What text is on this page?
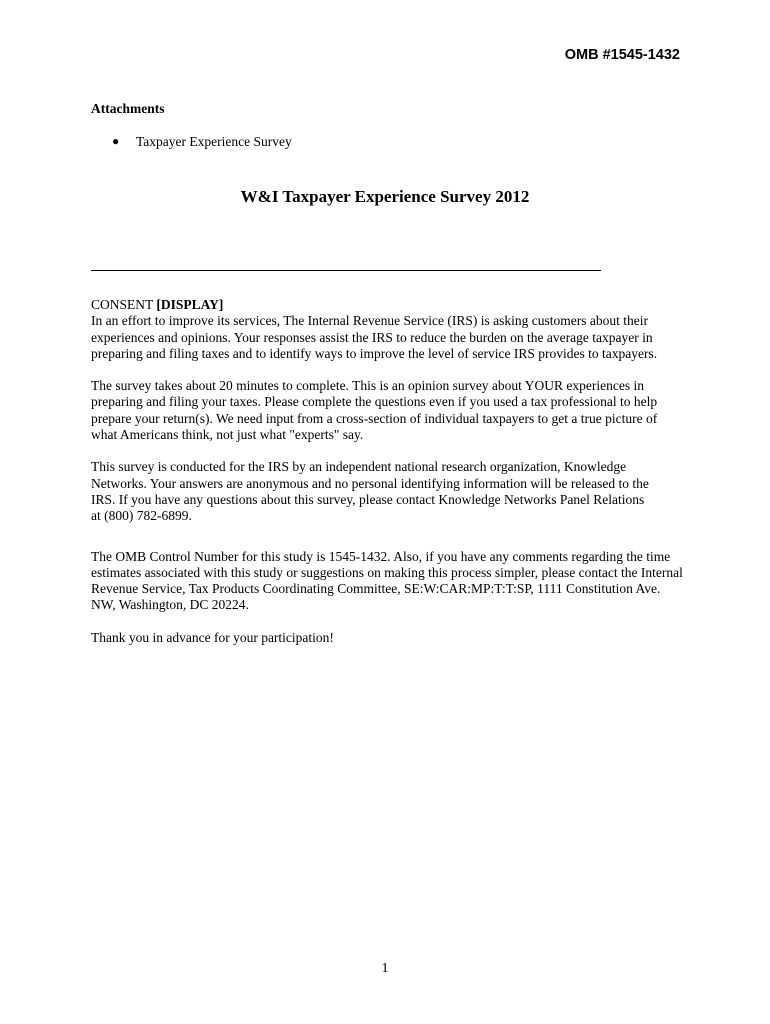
OMB #1545-1432
Attachments
●	Taxpayer Experience Survey
W&I Taxpayer Experience Survey 2012
CONSENT [DISPLAY]

In an effort to improve its services, The Internal Revenue Service (IRS) is asking customers about their
experiences and opinions. Your responses assist the IRS to reduce the burden on the average taxpayer in
preparing and filing taxes and to identify ways to improve the level of service IRS provides to taxpayers.

The survey takes about 20 minutes to complete. This is an opinion survey about YOUR experiences in
preparing and filing your taxes. Please complete the questions even if you used a tax professional to help
prepare your return(s). We need input from a cross-section of individual taxpayers to get a true picture of
what Americans think, not just what "experts" say.

This survey is conducted for the IRS by an independent national research organization, Knowledge
Networks. Your answers are anonymous and no personal identifying information will be released to the
IRS. If you have any questions about this survey, please contact Knowledge Networks Panel Relations
at (800) 782-6899.

The OMB Control Number for this study is 1545-1432. Also, if you have any comments regarding the time
estimates associated with this study or suggestions on making this process simpler, please contact the Internal
Revenue Service, Tax Products Coordinating Committee, SE:W:CAR:MP:T:T:SP, 1111 Constitution Ave.
NW, Washington, DC 20224.

Thank you in advance for your participation!

1
